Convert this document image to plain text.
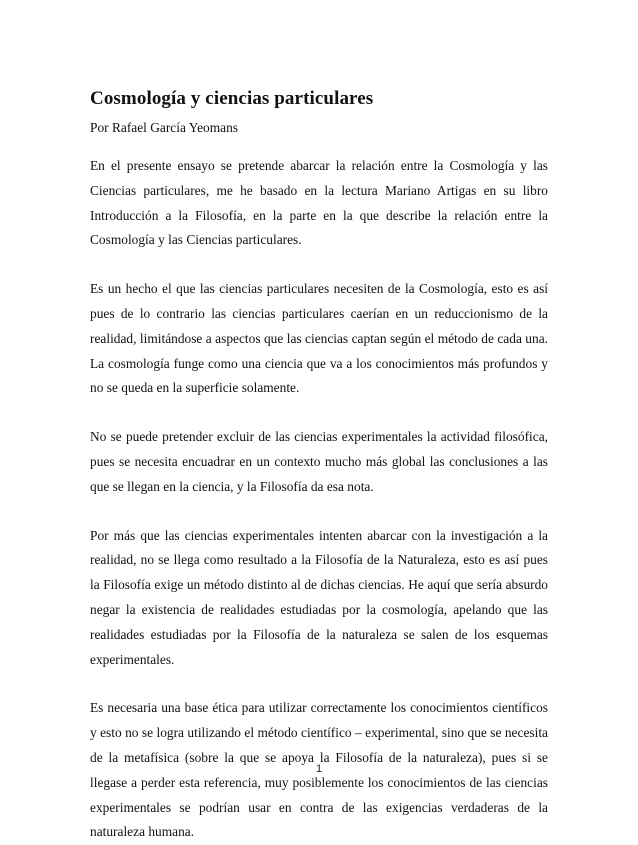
Cosmología y ciencias particulares

Por Rafael García Yeomans

En el presente ensayo se pretende abarcar la relación entre la Cosmología y las Ciencias particulares, me he basado en la lectura Mariano Artigas en su libro Introducción a la Filosofía, en la parte en la que describe la relación entre la Cosmología y las Ciencias particulares.

Es un hecho el que las ciencias particulares necesiten de la Cosmología, esto es así pues de lo contrario las ciencias particulares caerían en un reduccionismo de la realidad, limitándose a aspectos que las ciencias captan según el método de cada una. La cosmología funge como una ciencia que va a los conocimientos más profundos y no se queda en la superficie solamente.

No se puede pretender excluir de las ciencias experimentales la actividad filosófica, pues se necesita encuadrar en un contexto mucho más global las conclusiones a las que se llegan en la ciencia, y la Filosofía da esa nota.

Por más que las ciencias experimentales intenten abarcar con la investigación a la realidad, no se llega como resultado a la Filosofía de la Naturaleza, esto es así pues la Filosofía exige un método distinto al de dichas ciencias. He aquí que sería absurdo negar la existencia de realidades estudiadas por la cosmología, apelando que las realidades estudiadas por la Filosofía de la naturaleza se salen de los esquemas experimentales.

Es necesaria una base ética para utilizar correctamente los conocimientos científicos y esto no se logra utilizando el método científico – experimental, sino que se necesita de la metafísica (sobre la que se apoya la Filosofía de la naturaleza), pues si se llegase a perder esta referencia, muy posiblemente los conocimientos de las ciencias experimentales se podrían usar en contra de las exigencias verdaderas de la naturaleza humana.

1
